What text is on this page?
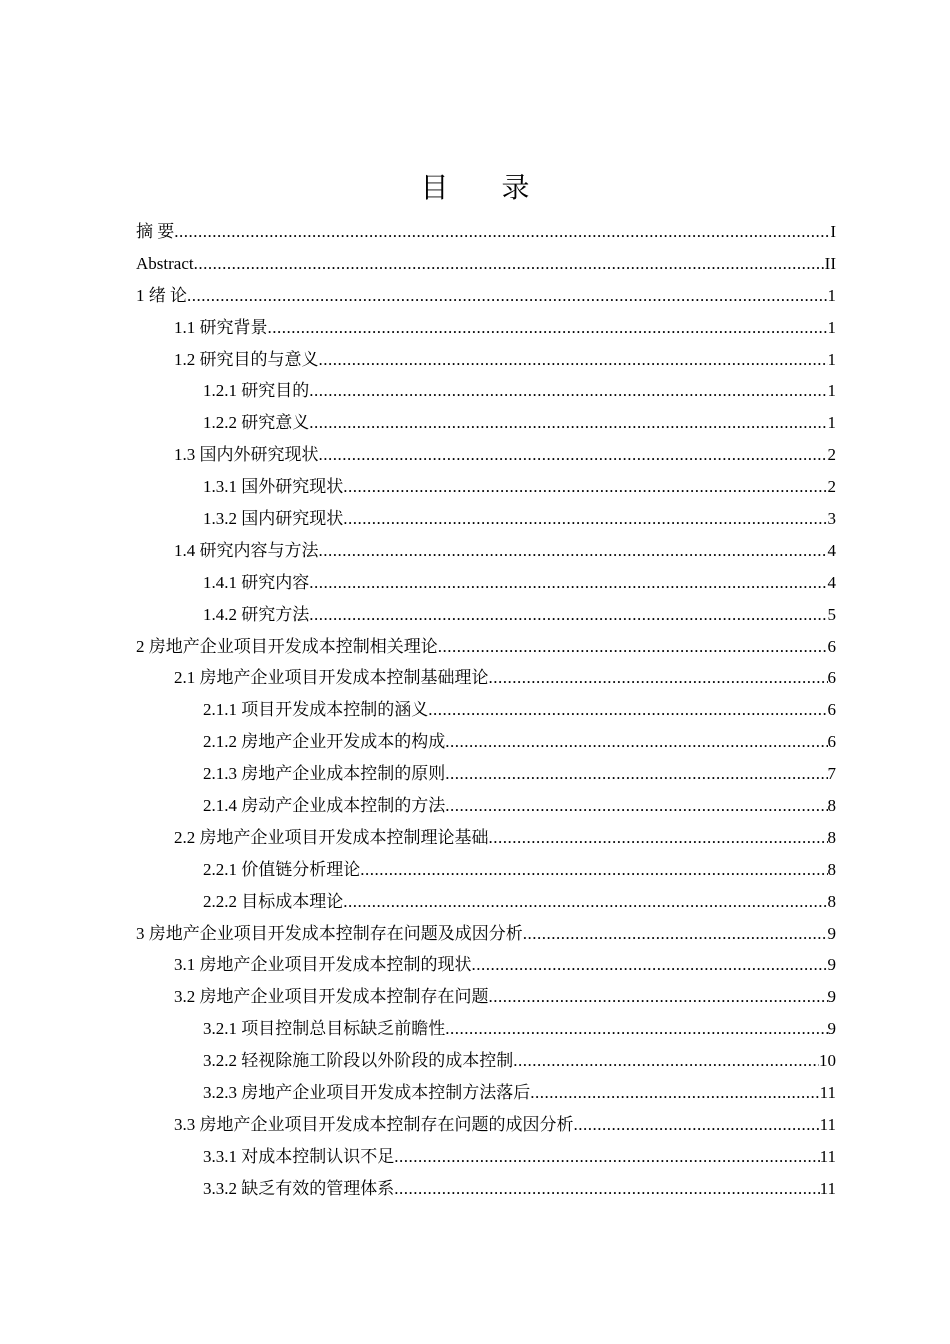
目 录
摘 要 .....	I
Abstract .....	II
1 绪 论 .....	1
1.1 研究背景 .....	1
1.2 研究目的与意义 .....	1
1.2.1 研究目的 .....	1
1.2.2 研究意义 .....	1
1.3 国内外研究现状 .....	2
1.3.1 国外研究现状 .....	2
1.3.2 国内研究现状 .....	3
1.4 研究内容与方法 .....	4
1.4.1 研究内容 .....	4
1.4.2 研究方法 .....	5
2 房地产企业项目开发成本控制相关理论 .....	6
2.1 房地产企业项目开发成本控制基础理论 .....	6
2.1.1 项目开发成本控制的涵义 .....	6
2.1.2 房地产企业开发成本的构成 .....	6
2.1.3 房地产企业成本控制的原则 .....	7
2.1.4 房动产企业成本控制的方法 .....	8
2.2 房地产企业项目开发成本控制理论基础 .....	8
2.2.1 价值链分析理论 .....	8
2.2.2 目标成本理论 .....	8
3 房地产企业项目开发成本控制存在问题及成因分析 .....	9
3.1 房地产企业项目开发成本控制的现状 .....	9
3.2 房地产企业项目开发成本控制存在问题 .....	9
3.2.1 项目控制总目标缺乏前瞻性 .....	9
3.2.2 轻视除施工阶段以外阶段的成本控制 .....	10
3.2.3 房地产企业项目开发成本控制方法落后 .....	11
3.3 房地产企业项目开发成本控制存在问题的成因分析 .....	11
3.3.1 对成本控制认识不足 .....	11
3.3.2 缺乏有效的管理体系 .....	11
